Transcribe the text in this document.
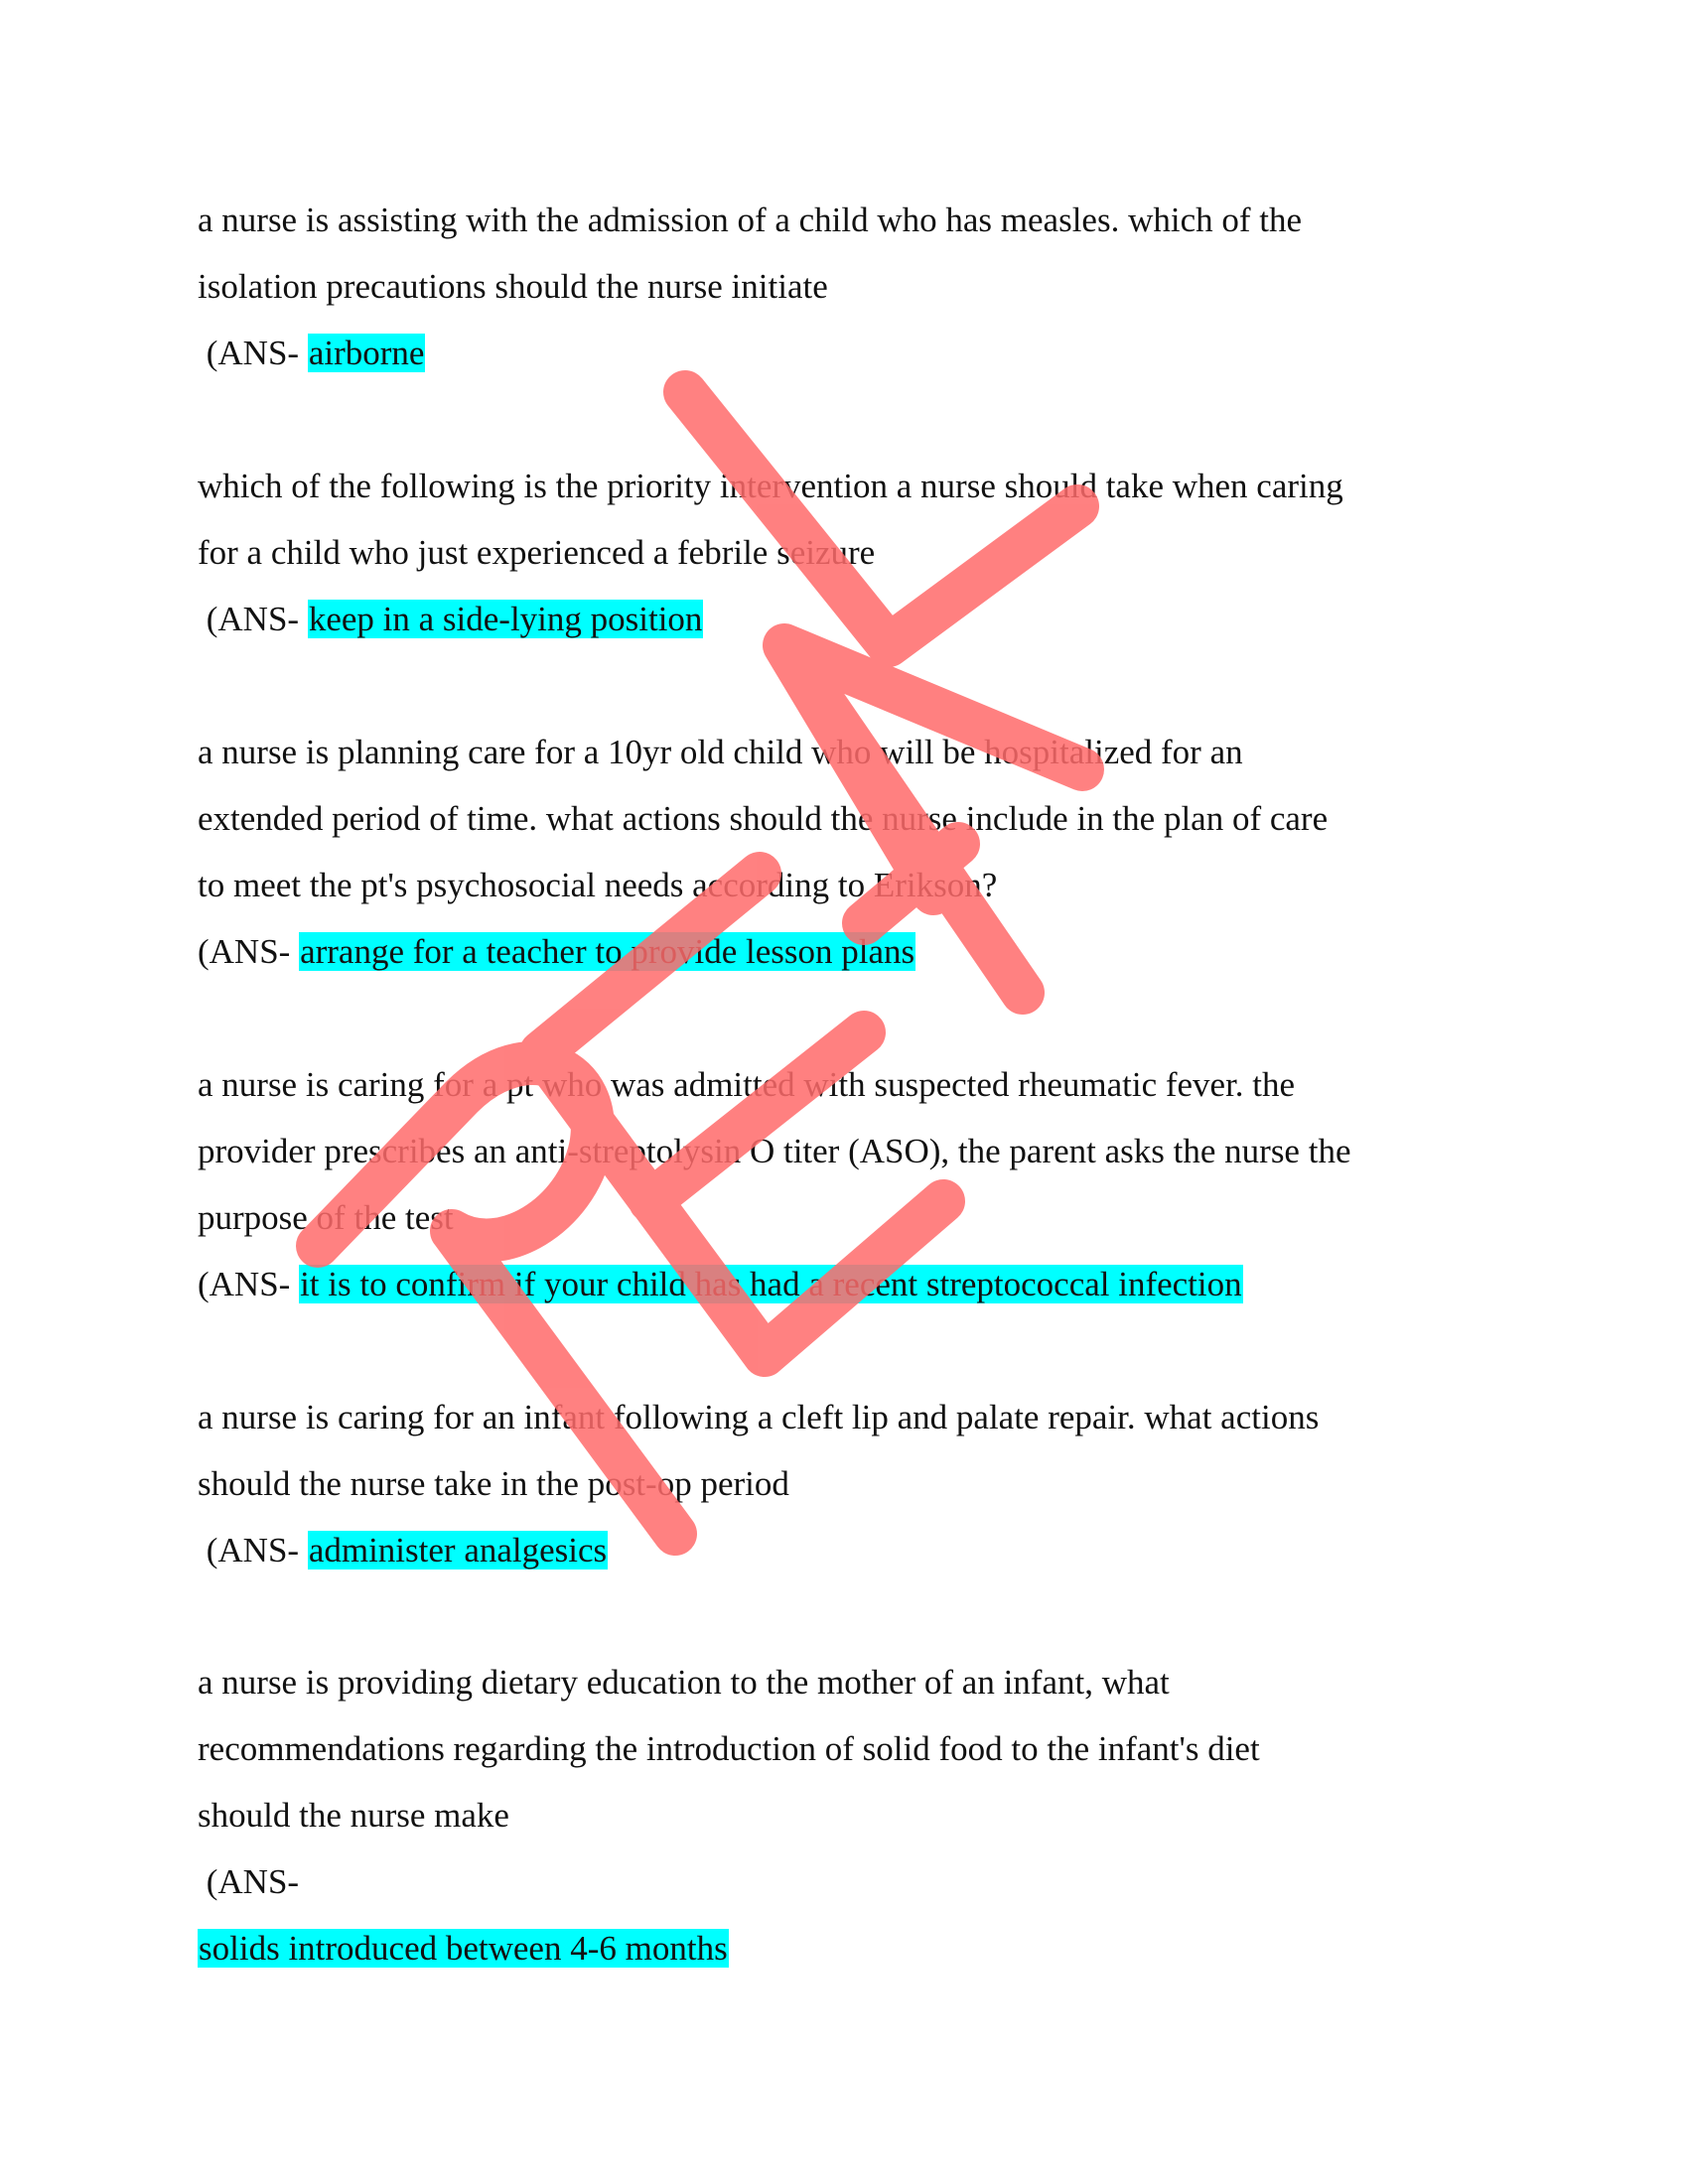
a nurse is assisting with the admission of a child who has measles. which of the
isolation precautions should the nurse initiate
(ANS- airborne
which of the following is the priority intervention a nurse should take when caring
for a child who just experienced a febrile seizure
(ANS- keep in a side-lying position
a nurse is planning care for a 10yr old child who will be hospitalized for an
extended period of time. what actions should the nurse include in the plan of care
to meet the pt's psychosocial needs according to Erikson?
(ANS- arrange for a teacher to provide lesson plans
a nurse is caring for a pt who was admitted with suspected rheumatic fever. the
provider prescribes an anti-streptolysin O titer (ASO), the parent asks the nurse the
purpose of the test
(ANS- it is to confirm if your child has had a recent streptococcal infection
a nurse is caring for an infant following a cleft lip and palate repair. what actions
should the nurse take in the post-op period
(ANS- administer analgesics
a nurse is providing dietary education to the mother of an infant, what
recommendations regarding the introduction of solid food to the infant's diet
should the nurse make
(ANS-
solids introduced between 4-6 months
